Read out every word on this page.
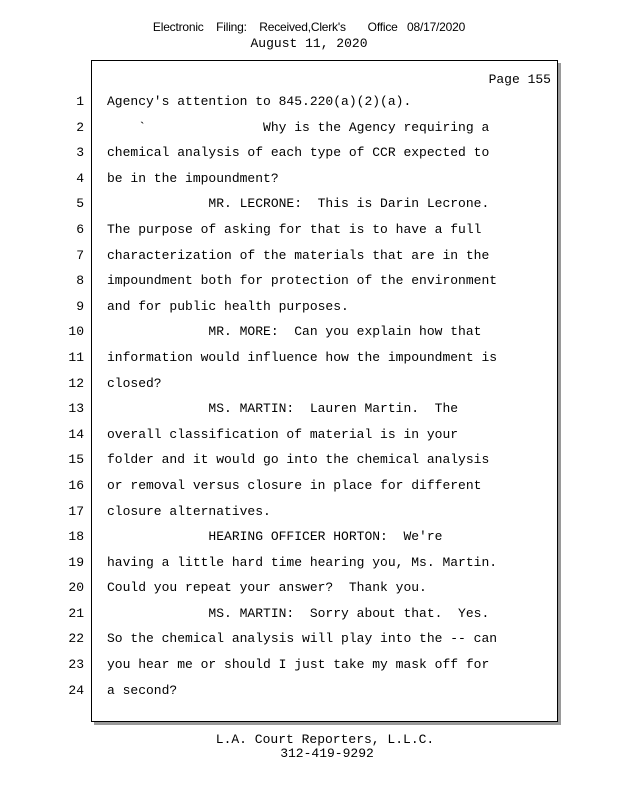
Electronic    Filing:    Received,Clerk's       Office   08/17/2020
August 11, 2020
Page 155
1 Agency's attention to 845.220(a)(2)(a).
2 `               Why is the Agency requiring a
3 chemical analysis of each type of CCR expected to
4 be in the impoundment?
5 MR. LECRONE:  This is Darin Lecrone.
6 The purpose of asking for that is to have a full
7 characterization of the materials that are in the
8 impoundment both for protection of the environment
9 and for public health purposes.
10 MR. MORE:  Can you explain how that
11 information would influence how the impoundment is
12 closed?
13 MS. MARTIN:  Lauren Martin.  The
14 overall classification of material is in your
15 folder and it would go into the chemical analysis
16 or removal versus closure in place for different
17 closure alternatives.
18 HEARING OFFICER HORTON:  We're
19 having a little hard time hearing you, Ms. Martin.
20 Could you repeat your answer?  Thank you.
21 MS. MARTIN:  Sorry about that.  Yes.
22 So the chemical analysis will play into the -- can
23 you hear me or should I just take my mask off for
24 a second?
L.A. Court Reporters, L.L.C.
312-419-9292
